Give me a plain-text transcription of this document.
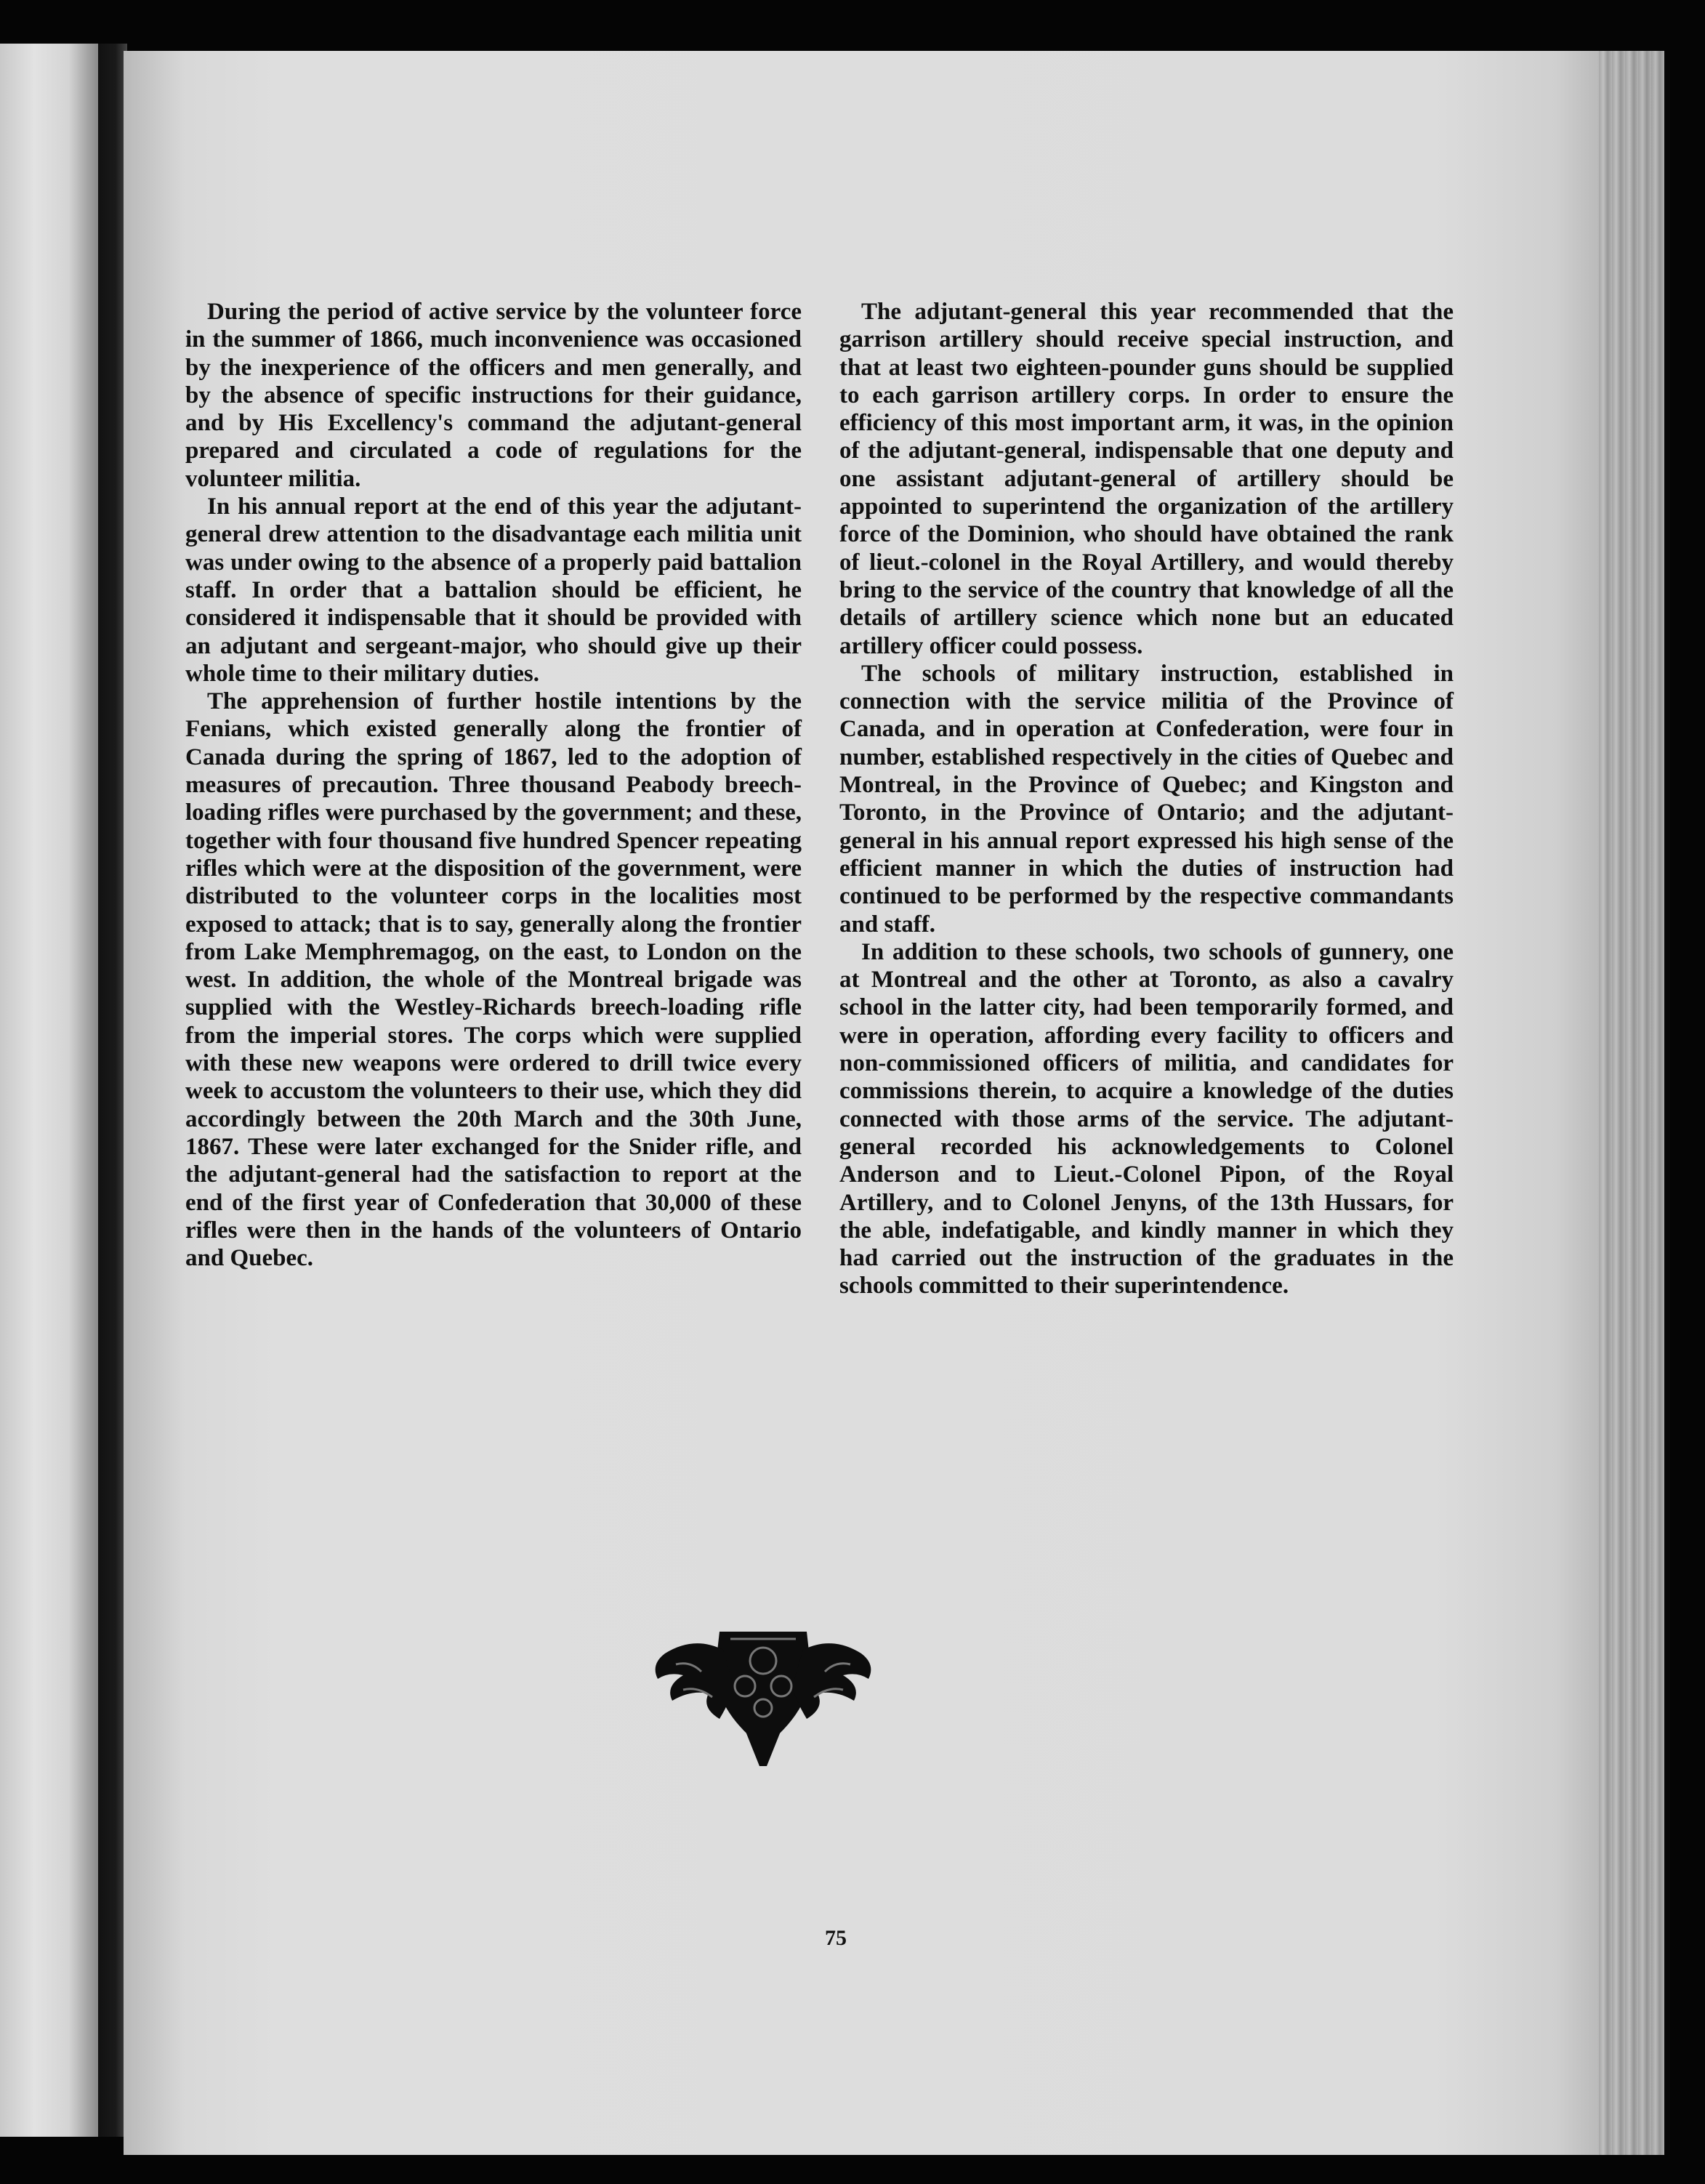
During the period of active service by the volunteer force in the summer of 1866, much inconvenience was occasioned by the inexperience of the officers and men generally, and by the absence of specific instructions for their guidance, and by His Excellency's command the adjutant-general prepared and circulated a code of regulations for the volunteer militia.

In his annual report at the end of this year the adjutant-general drew attention to the disadvantage each militia unit was under owing to the absence of a properly paid battalion staff. In order that a battalion should be efficient, he considered it indispensable that it should be provided with an adjutant and sergeant-major, who should give up their whole time to their military duties.

The apprehension of further hostile intentions by the Fenians, which existed generally along the frontier of Canada during the spring of 1867, led to the adoption of measures of precaution. Three thousand Peabody breech-loading rifles were purchased by the government; and these, together with four thousand five hundred Spencer repeating rifles which were at the disposition of the government, were distributed to the volunteer corps in the localities most exposed to attack; that is to say, generally along the frontier from Lake Memphremagog, on the east, to London on the west. In addition, the whole of the Montreal brigade was supplied with the Westley-Richards breech-loading rifle from the imperial stores. The corps which were supplied with these new weapons were ordered to drill twice every week to accustom the volunteers to their use, which they did accordingly between the 20th March and the 30th June, 1867. These were later exchanged for the Snider rifle, and the adjutant-general had the satisfaction to report at the end of the first year of Confederation that 30,000 of these rifles were then in the hands of the volunteers of Ontario and Quebec.

The adjutant-general this year recommended that the garrison artillery should receive special instruction, and that at least two eighteen-pounder guns should be supplied to each garrison artillery corps. In order to ensure the efficiency of this most important arm, it was, in the opinion of the adjutant-general, indispensable that one deputy and one assistant adjutant-general of artillery should be appointed to superintend the organization of the artillery force of the Dominion, who should have obtained the rank of lieut.-colonel in the Royal Artillery, and would thereby bring to the service of the country that knowledge of all the details of artillery science which none but an educated artillery officer could possess.

The schools of military instruction, established in connection with the service militia of the Province of Canada, and in operation at Confederation, were four in number, established respectively in the cities of Quebec and Montreal, in the Province of Quebec; and Kingston and Toronto, in the Province of Ontario; and the adjutant-general in his annual report expressed his high sense of the efficient manner in which the duties of instruction had continued to be performed by the respective commandants and staff.

In addition to these schools, two schools of gunnery, one at Montreal and the other at Toronto, as also a cavalry school in the latter city, had been temporarily formed, and were in operation, affording every facility to officers and non-commissioned officers of militia, and candidates for commissions therein, to acquire a knowledge of the duties connected with those arms of the service. The adjutant-general recorded his acknowledgements to Colonel Anderson and to Lieut.-Colonel Pipon, of the Royal Artillery, and to Colonel Jenyns, of the 13th Hussars, for the able, indefatigable, and kindly manner in which they had carried out the instruction of the graduates in the schools committed to their superintendence.

75
